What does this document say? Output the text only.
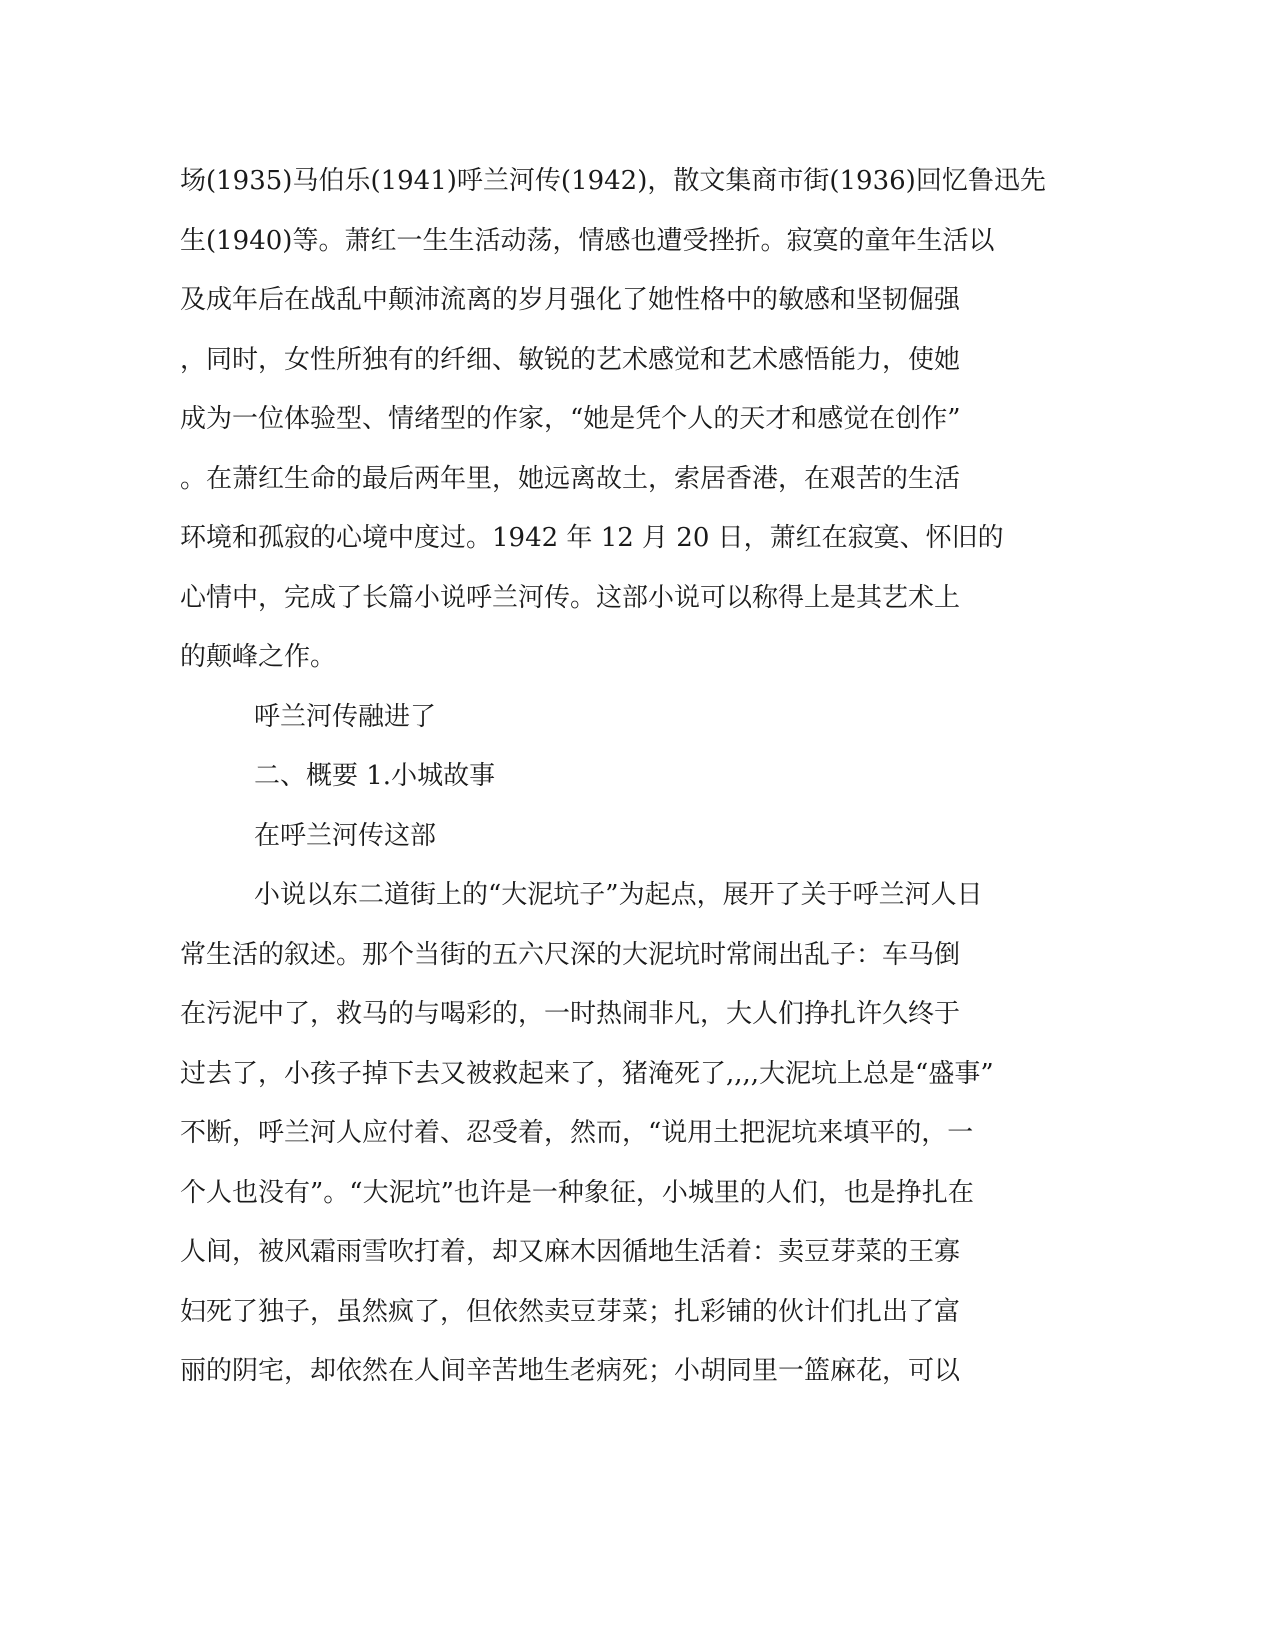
场(1935)马伯乐(1941)呼兰河传(1942)，散文集商市街(1936)回忆鲁迅先
生(1940)等。萧红一生生活动荡，情感也遭受挫折。寂寞的童年生活以
及成年后在战乱中颠沛流离的岁月强化了她性格中的敏感和坚韧倔强
，同时，女性所独有的纤细、敏锐的艺术感觉和艺术感悟能力，使她
成为一位体验型、情绪型的作家，“她是凭个人的天才和感觉在创作”
。在萧红生命的最后两年里，她远离故土，索居香港，在艰苦的生活
环境和孤寂的心境中度过。1942 年 12 月 20 日，萧红在寂寞、怀旧的
心情中，完成了长篇小说呼兰河传。这部小说可以称得上是其艺术上
的颠峰之作。
呼兰河传融进了
二、概要 1.小城故事
在呼兰河传这部
小说以东二道街上的“大泥坑子”为起点，展开了关于呼兰河人日
常生活的叙述。那个当街的五六尺深的大泥坑时常闹出乱子：车马倒
在污泥中了，救马的与喝彩的，一时热闹非凡，大人们挣扎许久终于
过去了，小孩子掉下去又被救起来了，猪淹死了,,,,大泥坑上总是“盛事”
不断，呼兰河人应付着、忍受着，然而，“说用土把泥坑来填平的，一
个人也没有”。“大泥坑”也许是一种象征，小城里的人们，也是挣扎在
人间，被风霜雨雪吹打着，却又麻木因循地生活着：卖豆芽菜的王寡
妇死了独子，虽然疯了，但依然卖豆芽菜；扎彩铺的伙计们扎出了富
丽的阴宅，却依然在人间辛苦地生老病死；小胡同里一篮麻花，可以
